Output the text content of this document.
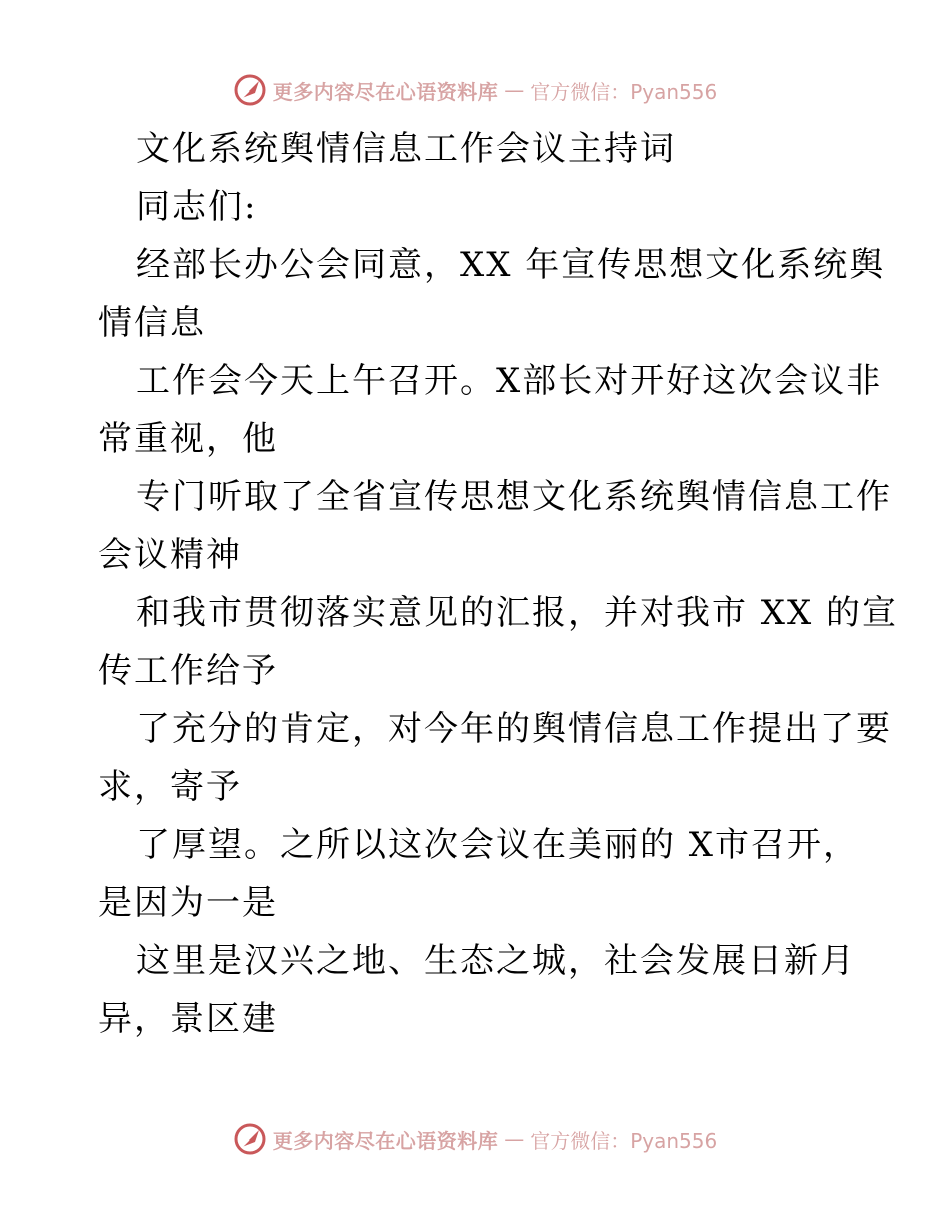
更多内容尽在心语资料库 — 官方微信：Pyan556
文化系统舆情信息工作会议主持词
同志们:
经部长办公会同意，XX 年宣传思想文化系统舆
情信息
工作会今天上午召开。X部长对开好这次会议非
常重视，他
专门听取了全省宣传思想文化系统舆情信息工作
会议精神
和我市贯彻落实意见的汇报，并对我市 XX 的宣
传工作给予
了充分的肯定，对今年的舆情信息工作提出了要
求，寄予
了厚望。之所以这次会议在美丽的 X市召开，
是因为一是
这里是汉兴之地、生态之城，社会发展日新月
异，景区建
更多内容尽在心语资料库 — 官方微信：Pyan556
